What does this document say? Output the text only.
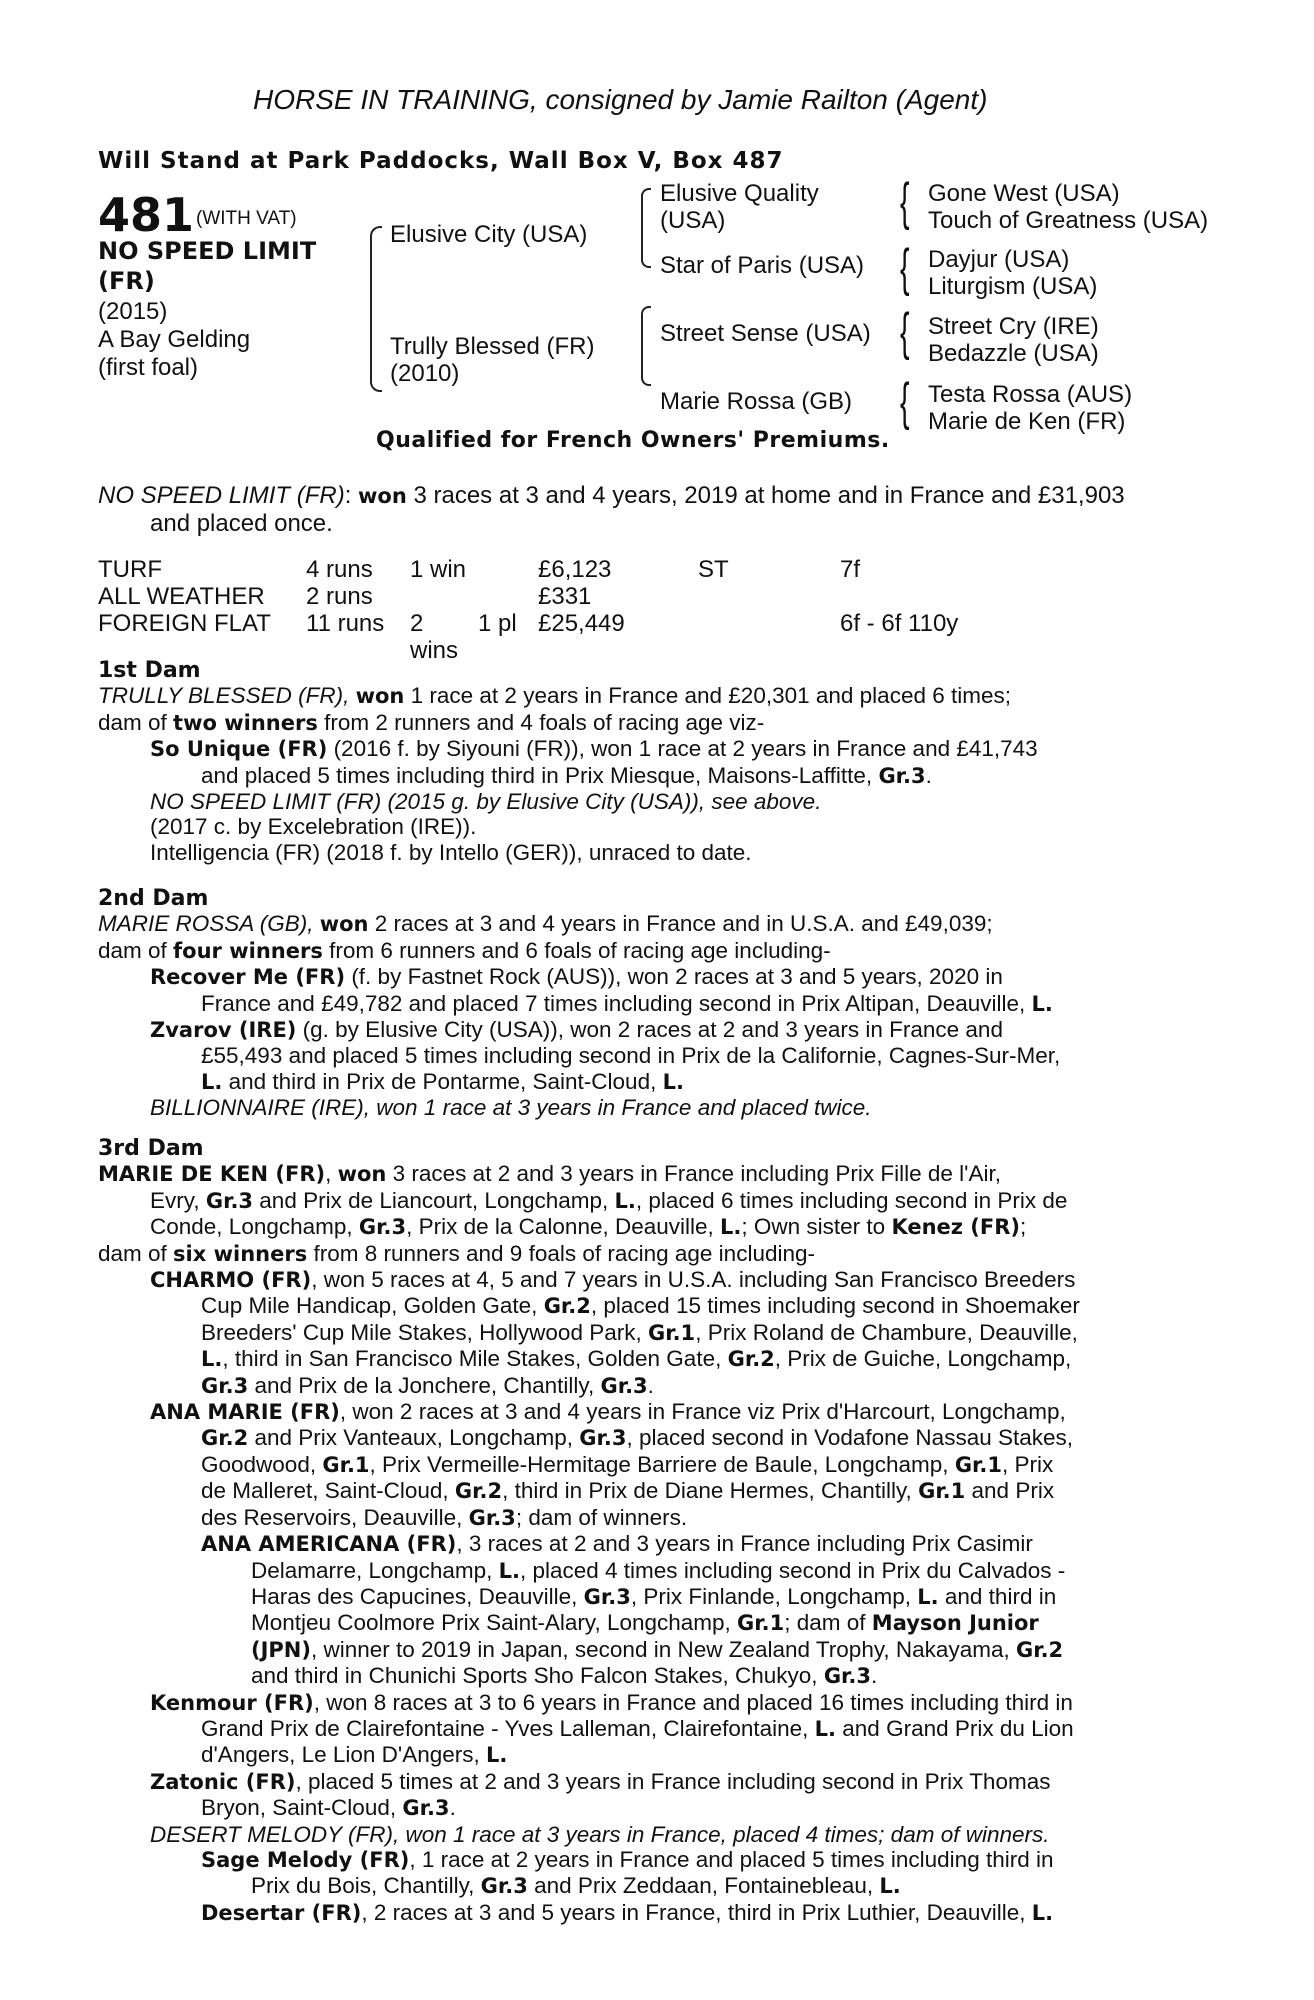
HORSE IN TRAINING, consigned by Jamie Railton (Agent)
Will Stand at Park Paddocks, Wall Box V, Box 487
481 (WITH VAT)
NO SPEED LIMIT
(FR)
(2015)
A Bay Gelding
(first foal)
Elusive City (USA)
Trully Blessed (FR)
(2010)
Elusive Quality
(USA)
Star of Paris (USA)
Street Sense (USA)
Marie Rossa (GB)
{
{
{
{
Gone West (USA)
Touch of Greatness (USA)
Dayjur (USA)
Liturgism (USA)
Street Cry (IRE)
Bedazzle (USA)
Testa Rossa (AUS)
Marie de Ken (FR)
Qualified for French Owners' Premiums.
NO SPEED LIMIT (FR): won 3 races at 3 and 4 years, 2019 at home and in France and £31,903
and placed once.
TURF	4 runs	1 win		£6,123	ST	7f
ALL WEATHER	2 runs			£331		
FOREIGN FLAT	11 runs	2 wins	1 pl	£25,449		6f - 6f 110y
1st Dam
TRULLY BLESSED (FR), won 1 race at 2 years in France and £20,301 and placed 6 times;
dam of two winners from 2 runners and 4 foals of racing age viz-
So Unique (FR) (2016 f. by Siyouni (FR)), won 1 race at 2 years in France and £41,743
and placed 5 times including third in Prix Miesque, Maisons-Laffitte, Gr.3.
NO SPEED LIMIT (FR) (2015 g. by Elusive City (USA)), see above.
(2017 c. by Excelebration (IRE)).
Intelligencia (FR) (2018 f. by Intello (GER)), unraced to date.
2nd Dam
MARIE ROSSA (GB), won 2 races at 3 and 4 years in France and in U.S.A. and £49,039;
dam of four winners from 6 runners and 6 foals of racing age including-
Recover Me (FR) (f. by Fastnet Rock (AUS)), won 2 races at 3 and 5 years, 2020 in
France and £49,782 and placed 7 times including second in Prix Altipan, Deauville, L.
Zvarov (IRE) (g. by Elusive City (USA)), won 2 races at 2 and 3 years in France and
£55,493 and placed 5 times including second in Prix de la Californie, Cagnes-Sur-Mer,
L. and third in Prix de Pontarme, Saint-Cloud, L.
BILLIONNAIRE (IRE), won 1 race at 3 years in France and placed twice.
3rd Dam
MARIE DE KEN (FR), won 3 races at 2 and 3 years in France including Prix Fille de l'Air,
Evry, Gr.3 and Prix de Liancourt, Longchamp, L., placed 6 times including second in Prix de
Conde, Longchamp, Gr.3, Prix de la Calonne, Deauville, L.; Own sister to Kenez (FR);
dam of six winners from 8 runners and 9 foals of racing age including-
CHARMO (FR), won 5 races at 4, 5 and 7 years in U.S.A. including San Francisco Breeders
Cup Mile Handicap, Golden Gate, Gr.2, placed 15 times including second in Shoemaker
Breeders' Cup Mile Stakes, Hollywood Park, Gr.1, Prix Roland de Chambure, Deauville,
L., third in San Francisco Mile Stakes, Golden Gate, Gr.2, Prix de Guiche, Longchamp,
Gr.3 and Prix de la Jonchere, Chantilly, Gr.3.
ANA MARIE (FR), won 2 races at 3 and 4 years in France viz Prix d'Harcourt, Longchamp,
Gr.2 and Prix Vanteaux, Longchamp, Gr.3, placed second in Vodafone Nassau Stakes,
Goodwood, Gr.1, Prix Vermeille-Hermitage Barriere de Baule, Longchamp, Gr.1, Prix
de Malleret, Saint-Cloud, Gr.2, third in Prix de Diane Hermes, Chantilly, Gr.1 and Prix
des Reservoirs, Deauville, Gr.3; dam of winners.
ANA AMERICANA (FR), 3 races at 2 and 3 years in France including Prix Casimir
Delamarre, Longchamp, L., placed 4 times including second in Prix du Calvados -
Haras des Capucines, Deauville, Gr.3, Prix Finlande, Longchamp, L. and third in
Montjeu Coolmore Prix Saint-Alary, Longchamp, Gr.1; dam of Mayson Junior
(JPN), winner to 2019 in Japan, second in New Zealand Trophy, Nakayama, Gr.2
and third in Chunichi Sports Sho Falcon Stakes, Chukyo, Gr.3.
Kenmour (FR), won 8 races at 3 to 6 years in France and placed 16 times including third in
Grand Prix de Clairefontaine - Yves Lalleman, Clairefontaine, L. and Grand Prix du Lion
d'Angers, Le Lion D'Angers, L.
Zatonic (FR), placed 5 times at 2 and 3 years in France including second in Prix Thomas
Bryon, Saint-Cloud, Gr.3.
DESERT MELODY (FR), won 1 race at 3 years in France, placed 4 times; dam of winners.
Sage Melody (FR), 1 race at 2 years in France and placed 5 times including third in
Prix du Bois, Chantilly, Gr.3 and Prix Zeddaan, Fontainebleau, L.
Desertar (FR), 2 races at 3 and 5 years in France, third in Prix Luthier, Deauville, L.
